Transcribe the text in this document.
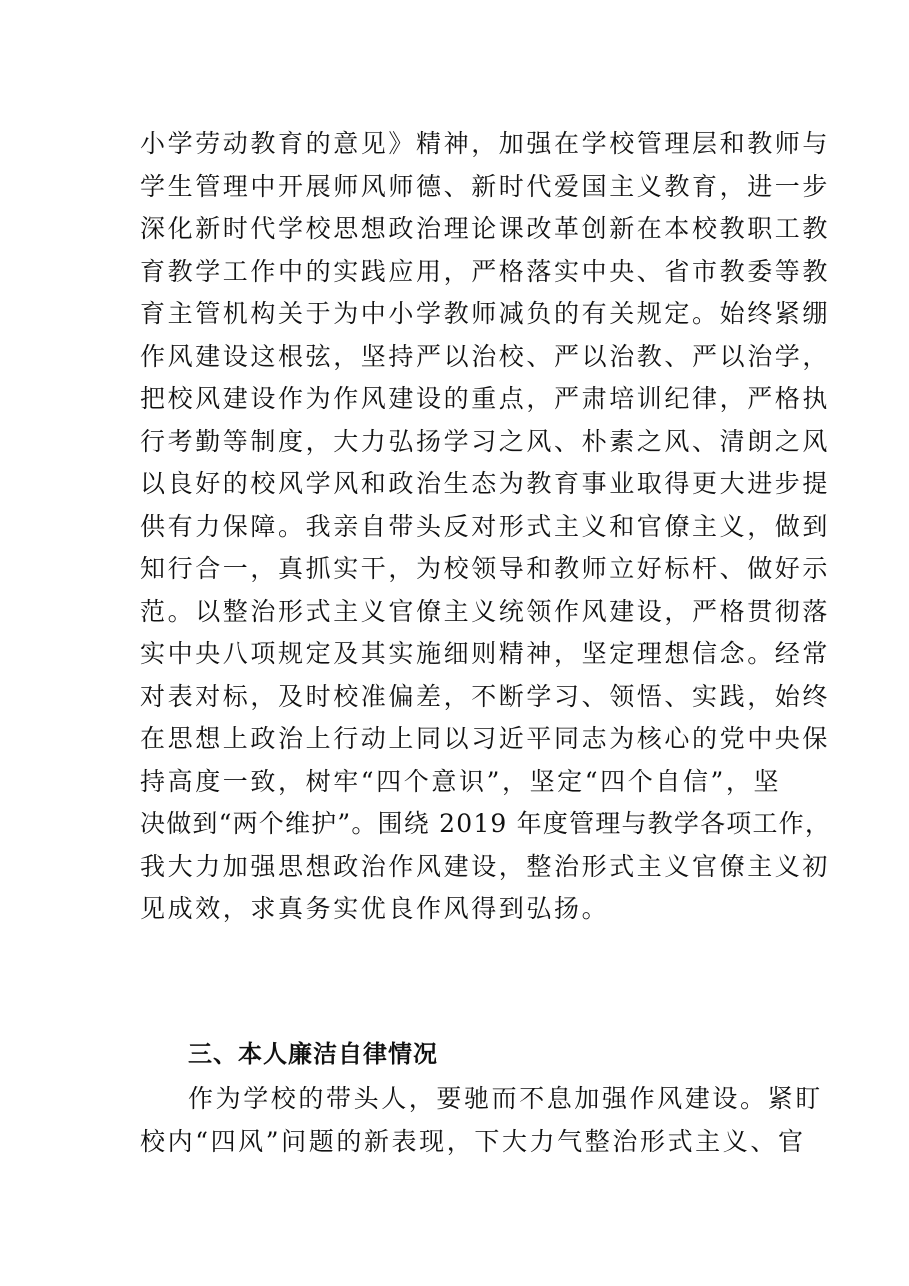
小学劳动教育的意见》精神，加强在学校管理层和教师与
学生管理中开展师风师德、新时代爱国主义教育，进一步
深化新时代学校思想政治理论课改革创新在本校教职工教
育教学工作中的实践应用，严格落实中央、省市教委等教
育主管机构关于为中小学教师减负的有关规定。始终紧绷
作风建设这根弦，坚持严以治校、严以治教、严以治学，
把校风建设作为作风建设的重点，严肃培训纪律，严格执
行考勤等制度，大力弘扬学习之风、朴素之风、清朗之风
以良好的校风学风和政治生态为教育事业取得更大进步提
供有力保障。我亲自带头反对形式主义和官僚主义，做到
知行合一，真抓实干，为校领导和教师立好标杆、做好示
范。以整治形式主义官僚主义统领作风建设，严格贯彻落
实中央八项规定及其实施细则精神，坚定理想信念。经常
对表对标，及时校准偏差，不断学习、领悟、实践，始终
在思想上政治上行动上同以习近平同志为核心的党中央保
持高度一致，树牢“四个意识”，坚定“四个自信”，坚
决做到“两个维护”。围绕 2019 年度管理与教学各项工作，
我大力加强思想政治作风建设，整治形式主义官僚主义初
见成效，求真务实优良作风得到弘扬。
三、本人廉洁自律情况
作为学校的带头人，要驰而不息加强作风建设。紧盯
校内“四风”问题的新表现，下大力气整治形式主义、官
